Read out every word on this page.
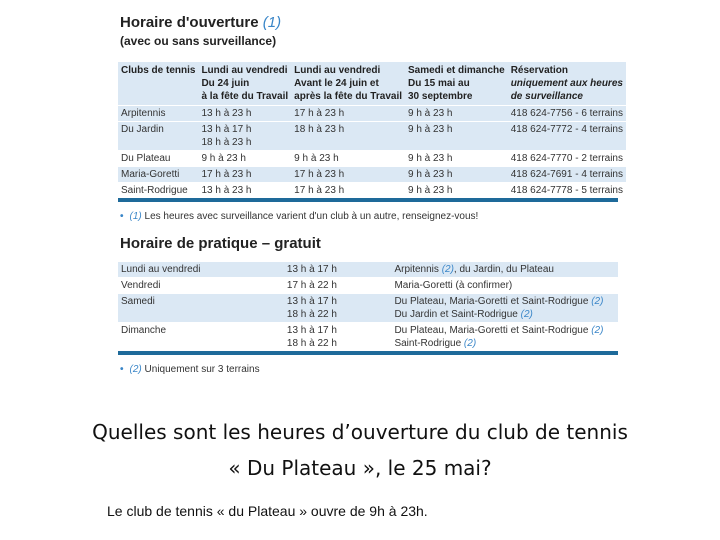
Horaire d'ouverture (1)
(avec ou sans surveillance)
Clubs de tennis	Lundi au vendredi
Du 24 juin
à la fête du Travail	Lundi au vendredi
Avant le 24 juin et
après la fête du Travail	Samedi et dimanche
Du 15 mai au
30 septembre	Réservation
uniquement aux heures
de surveillance
Arpitennis	13 h à 23 h	17 h à 23 h	9 h à 23 h	418 624-7756 - 6 terrains
Du Jardin	13 h à 17 h
18 h à 23 h	18 h à 23 h	9 h à 23 h	418 624-7772 - 4 terrains
Du Plateau	9 h à 23 h	9 h à 23 h	9 h à 23 h	418 624-7770 - 2 terrains
Maria-Goretti	17 h à 23 h	17 h à 23 h	9 h à 23 h	418 624-7691 - 4 terrains
Saint-Rodrigue	13 h à 23 h	17 h à 23 h	9 h à 23 h	418 624-7778 - 5 terrains
• (1) Les heures avec surveillance varient d'un club à un autre, renseignez-vous!
Horaire de pratique – gratuit
Lundi au vendredi	13 h à 17 h	Arpitennis (2), du Jardin, du Plateau
Vendredi	17 h à 22 h	Maria-Goretti (à confirmer)
Samedi	13 h à 17 h
18 h à 22 h	Du Plateau, Maria-Goretti et Saint-Rodrigue (2)
Du Jardin et Saint-Rodrigue (2)
Dimanche	13 h à 17 h
18 h à 22 h	Du Plateau, Maria-Goretti et Saint-Rodrigue (2)
Saint-Rodrigue (2)
• (2) Uniquement sur 3 terrains
Quelles sont les heures d’ouverture du club de tennis
« Du Plateau », le 25 mai?
Le club de tennis « du Plateau » ouvre de 9h à 23h.
